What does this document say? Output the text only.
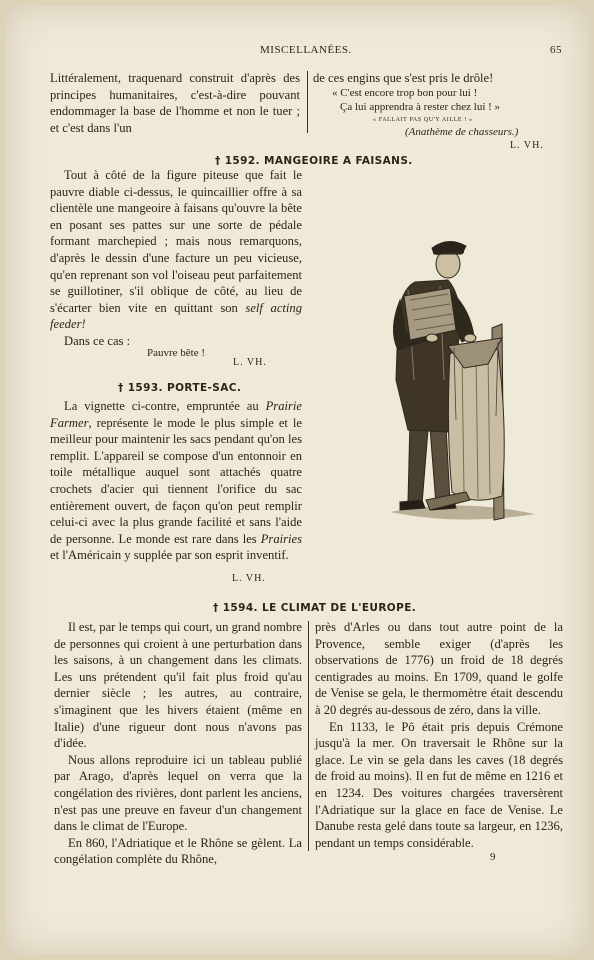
MISCELLANÉES.	65
Littéralement, traquenard construit d'après des principes humanitaires, c'est-à-dire pouvant endommager la base de l'homme et non le tuer ; et c'est dans l'un
de ces engins que s'est pris le drôle!
« C'est encore trop bon pour lui !
Ça lui apprendra à rester chez lui ! »
« FALLAIT PAS QU'Y AILLE ! »
(Anathème de chasseurs.)
L. VH.
† 1592. MANGEOIRE A FAISANS.

Tout à côté de la figure piteuse que fait le pauvre diable ci-dessus, le quincaillier offre à sa clientèle une mangeoire à faisans qu'ouvre la bête en posant ses pattes sur une sorte de pédale formant marchepied ; mais nous remarquons, d'après le dessin d'une facture un peu vicieuse, qu'en reprenant son vol l'oiseau peut parfaitement se guillotiner, s'il oblique de côté, au lieu de s'écarter bien vite en quittant son self acting feeder!

Dans ce cas :

Pauvre bête !
L. VH.
† 1593. PORTE-SAC.

La vignette ci-contre, empruntée au Prairie Farmer, représente le mode le plus simple et le meilleur pour maintenir les sacs pendant qu'on les remplit. L'appareil se compose d'un entonnoir en toile métallique auquel sont attachés quatre crochets d'acier qui tiennent l'orifice du sac entièrement ouvert, de façon qu'on peut remplir celui-ci avec la plus grande facilité et sans l'aide de personne. Le monde est rare dans les Prairies et l'Américain y supplée par son esprit inventif.

L. VH.
† 1594. LE CLIMAT DE L'EUROPE.

Il est, par le temps qui court, un grand nombre de personnes qui croient à une perturbation dans les saisons, à un changement dans les climats. Les uns prétendent qu'il fait plus froid qu'au dernier siècle ; les autres, au contraire, s'imaginent que les hivers étaient (même en Italie) d'une rigueur dont nous n'avons pas d'idée.

Nous allons reproduire ici un tableau publié par Arago, d'après lequel on verra que la congélation des rivières, dont parlent les anciens, n'est pas une preuve en faveur d'un changement dans le climat de l'Europe.

En 860, l'Adriatique et le Rhône se gèlent. La congélation complète du Rhône,

près d'Arles ou dans tout autre point de la Provence, semble exiger (d'après les observations de 1776) un froid de 18 degrés centigrades au moins. En 1709, quand le golfe de Venise se gela, le thermomètre était descendu à 20 degrés au-dessous de zéro, dans la ville.

En 1133, le Pô était pris depuis Crémone jusqu'à la mer. On traversait le Rhône sur la glace. Le vin se gela dans les caves (18 degrés de froid au moins). Il en fut de même en 1216 et en 1234. Des voitures chargées traversèrent l'Adriatique sur la glace en face de Venise. Le Danube resta gelé dans toute sa largeur, en 1236, pendant un temps considérable.

9
